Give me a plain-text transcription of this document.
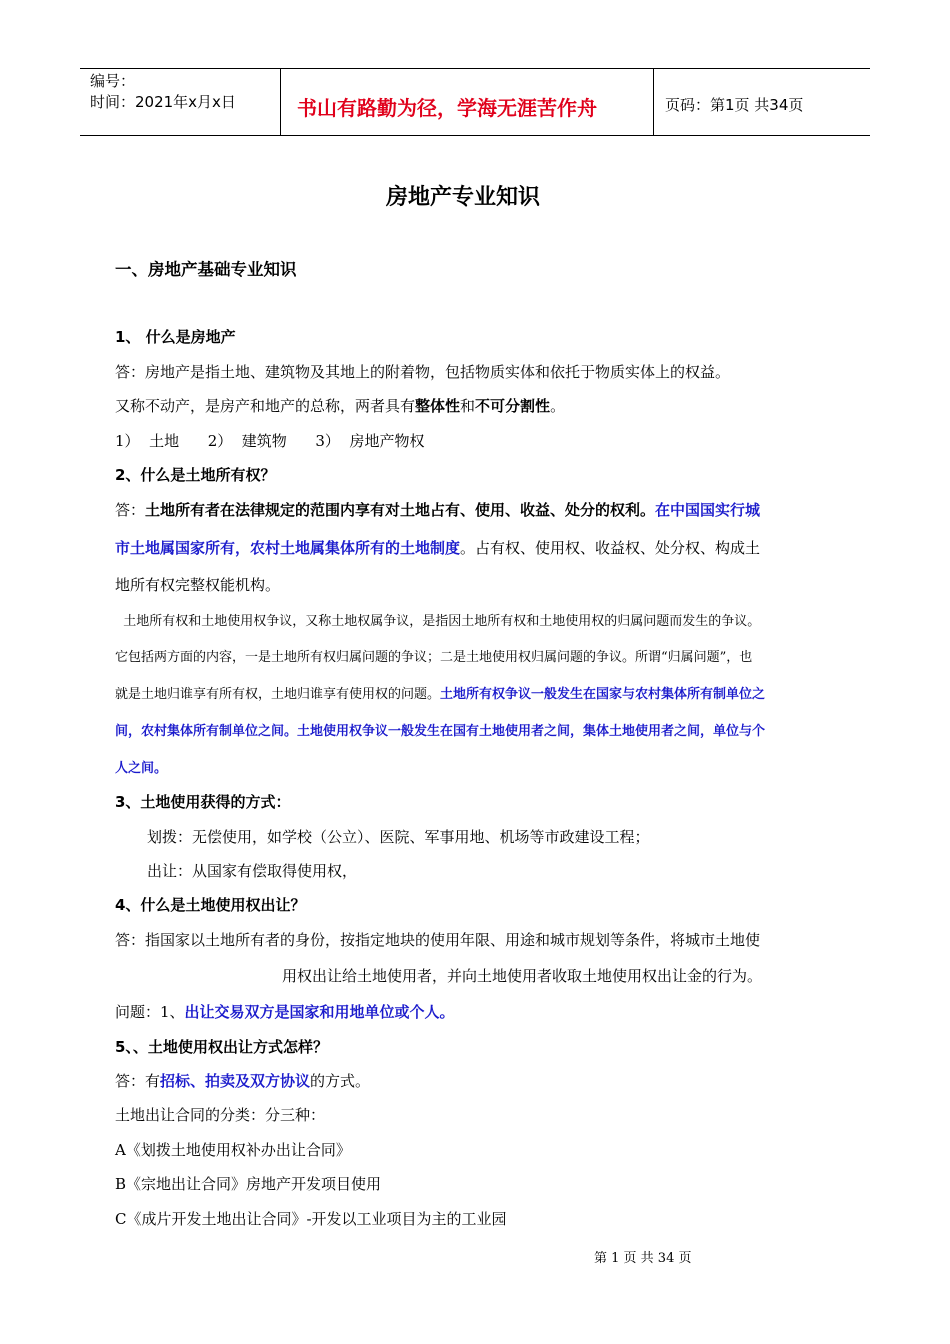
编号：
时间：2021年x月x日	书山有路勤为径，学海无涯苦作舟	页码：第1页 共34页
房地产专业知识
一、房地产基础专业知识
1、 什么是房地产
答：房地产是指土地、建筑物及其地上的附着物，包括物质实体和依托于物质实体上的权益。
又称不动产，是房产和地产的总称，两者具有整体性和不可分割性。
1）  土地      2）  建筑物      3）  房地产物权
2、什么是土地所有权？
答：土地所有者在法律规定的范围内享有对土地占有、使用、收益、处分的权利。在中国国实行城
市土地属国家所有，农村土地属集体所有的土地制度。占有权、使用权、收益权、处分权、构成土
地所有权完整权能机构。
土地所有权和土地使用权争议，又称土地权属争议，是指因土地所有权和土地使用权的归属问题而发生的争议。
它包括两方面的内容，一是土地所有权归属问题的争议；二是土地使用权归属问题的争议。所谓“归属问题”，也
就是土地归谁享有所有权，土地归谁享有使用权的问题。土地所有权争议一般发生在国家与农村集体所有制单位之
间，农村集体所有制单位之间。土地使用权争议一般发生在国有土地使用者之间，集体土地使用者之间，单位与个
人之间。
3、土地使用获得的方式：
划拨：无偿使用，如学校（公立）、医院、军事用地、机场等市政建设工程；
出让：从国家有偿取得使用权，
4、什么是土地使用权出让？
答：指国家以土地所有者的身份，按指定地块的使用年限、用途和城市规划等条件，将城市土地使
用权出让给土地使用者，并向土地使用者收取土地使用权出让金的行为。
问题：1、出让交易双方是国家和用地单位或个人。
5、、土地使用权出让方式怎样？
答：有招标、拍卖及双方协议的方式。
土地出让合同的分类：分三种：
A《划拨土地使用权补办出让合同》
B《宗地出让合同》房地产开发项目使用
C《成片开发土地出让合同》-开发以工业项目为主的工业园
第 1 页 共 34 页
